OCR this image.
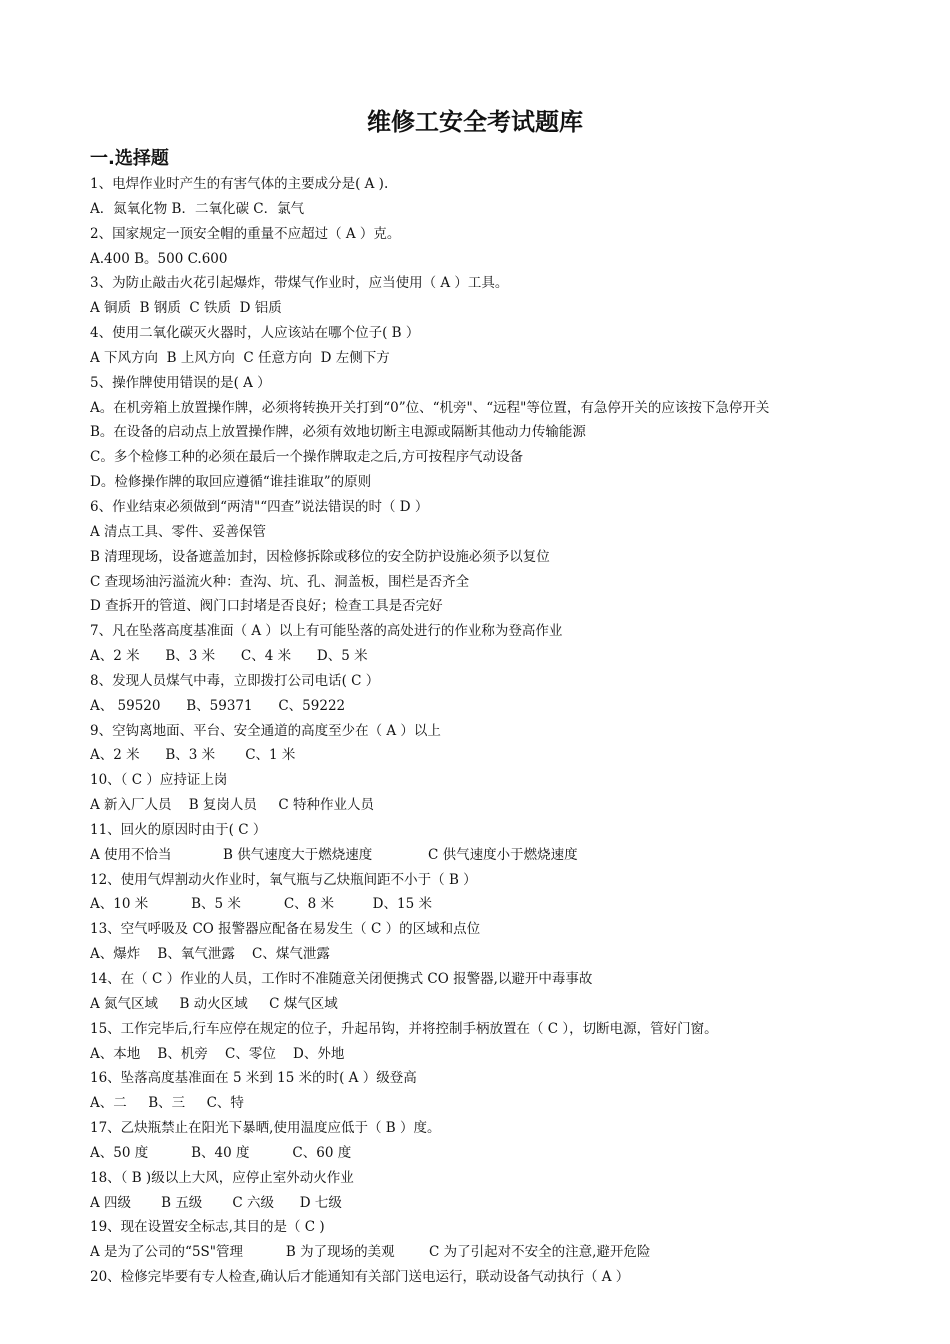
维修工安全考试题库
一.选择题
1、电焊作业时产生的有害气体的主要成分是( A ).
A．氮氧化物 B．二氧化碳 C．氯气
2、国家规定一顶安全帽的重量不应超过（ A ）克。
A.400 B。500 C.600
3、为防止敲击火花引起爆炸，带煤气作业时，应当使用（ A ）工具。
A 铜质  B 钢质  C 铁质  D 铝质
4、使用二氧化碳灭火器时，人应该站在哪个位子( B ）
A 下风方向  B 上风方向  C 任意方向  D 左侧下方
5、操作牌使用错误的是( A ）
A。在机旁箱上放置操作牌，必须将转换开关打到“0”位、“机旁"、“远程"等位置，有急停开关的应该按下急停开关
B。在设备的启动点上放置操作牌，必须有效地切断主电源或隔断其他动力传输能源
C。多个检修工种的必须在最后一个操作牌取走之后,方可按程序气动设备
D。检修操作牌的取回应遵循“谁挂谁取”的原则
6、作业结束必须做到“两清"“四查”说法错误的时（ D ）
A 清点工具、零件、妥善保管
B 清理现场，设备遮盖加封，因检修拆除或移位的安全防护设施必须予以复位
C 查现场油污溢流火种：查沟、坑、孔、洞盖板，围栏是否齐全
D 查拆开的管道、阀门口封堵是否良好；检查工具是否完好
7、凡在坠落高度基准面（ A ）以上有可能坠落的高处进行的作业称为登高作业
A、2 米      B、3 米      C、4 米      D、5 米
8、发现人员煤气中毒，立即拨打公司电话( C ）
A、 59520      B、59371      C、59222
9、空钩离地面、平台、安全通道的高度至少在（ A ）以上
A、2 米      B、3 米       C、1 米
10、（ C ）应持证上岗
A 新入厂人员    B 复岗人员     C 特种作业人员
11、回火的原因时由于( C ）
A 使用不恰当            B 供气速度大于燃烧速度             C 供气速度小于燃烧速度
12、使用气焊割动火作业时，氧气瓶与乙炔瓶间距不小于（ B ）
A、10 米          B、5 米          C、8 米         D、15 米
13、空气呼吸及 CO 报警器应配备在易发生（ C ）的区域和点位
A、爆炸    B、氧气泄露    C、煤气泄露
14、在（ C ）作业的人员，工作时不准随意关闭便携式 CO 报警器,以避开中毒事故
A 氮气区域     B 动火区域     C 煤气区域
15、工作完毕后,行车应停在规定的位子，升起吊钩，并将控制手柄放置在（ C ），切断电源，管好门窗。
A、本地    B、机旁    C、零位    D、外地
16、坠落高度基准面在 5 米到 15 米的时( A ）级登高
A、二     B、三     C、特
17、乙炔瓶禁止在阳光下暴晒,使用温度应低于（ B ）度。
A、50 度          B、40 度          C、60 度
18、（ B )级以上大风，应停止室外动火作业
A 四级       B 五级       C 六级      D 七级
19、现在设置安全标志,其目的是（ C )
A 是为了公司的“5S"管理          B 为了现场的美观        C 为了引起对不安全的注意,避开危险
20、检修完毕要有专人检查,确认后才能通知有关部门送电运行，联动设备气动执行（ A ）
